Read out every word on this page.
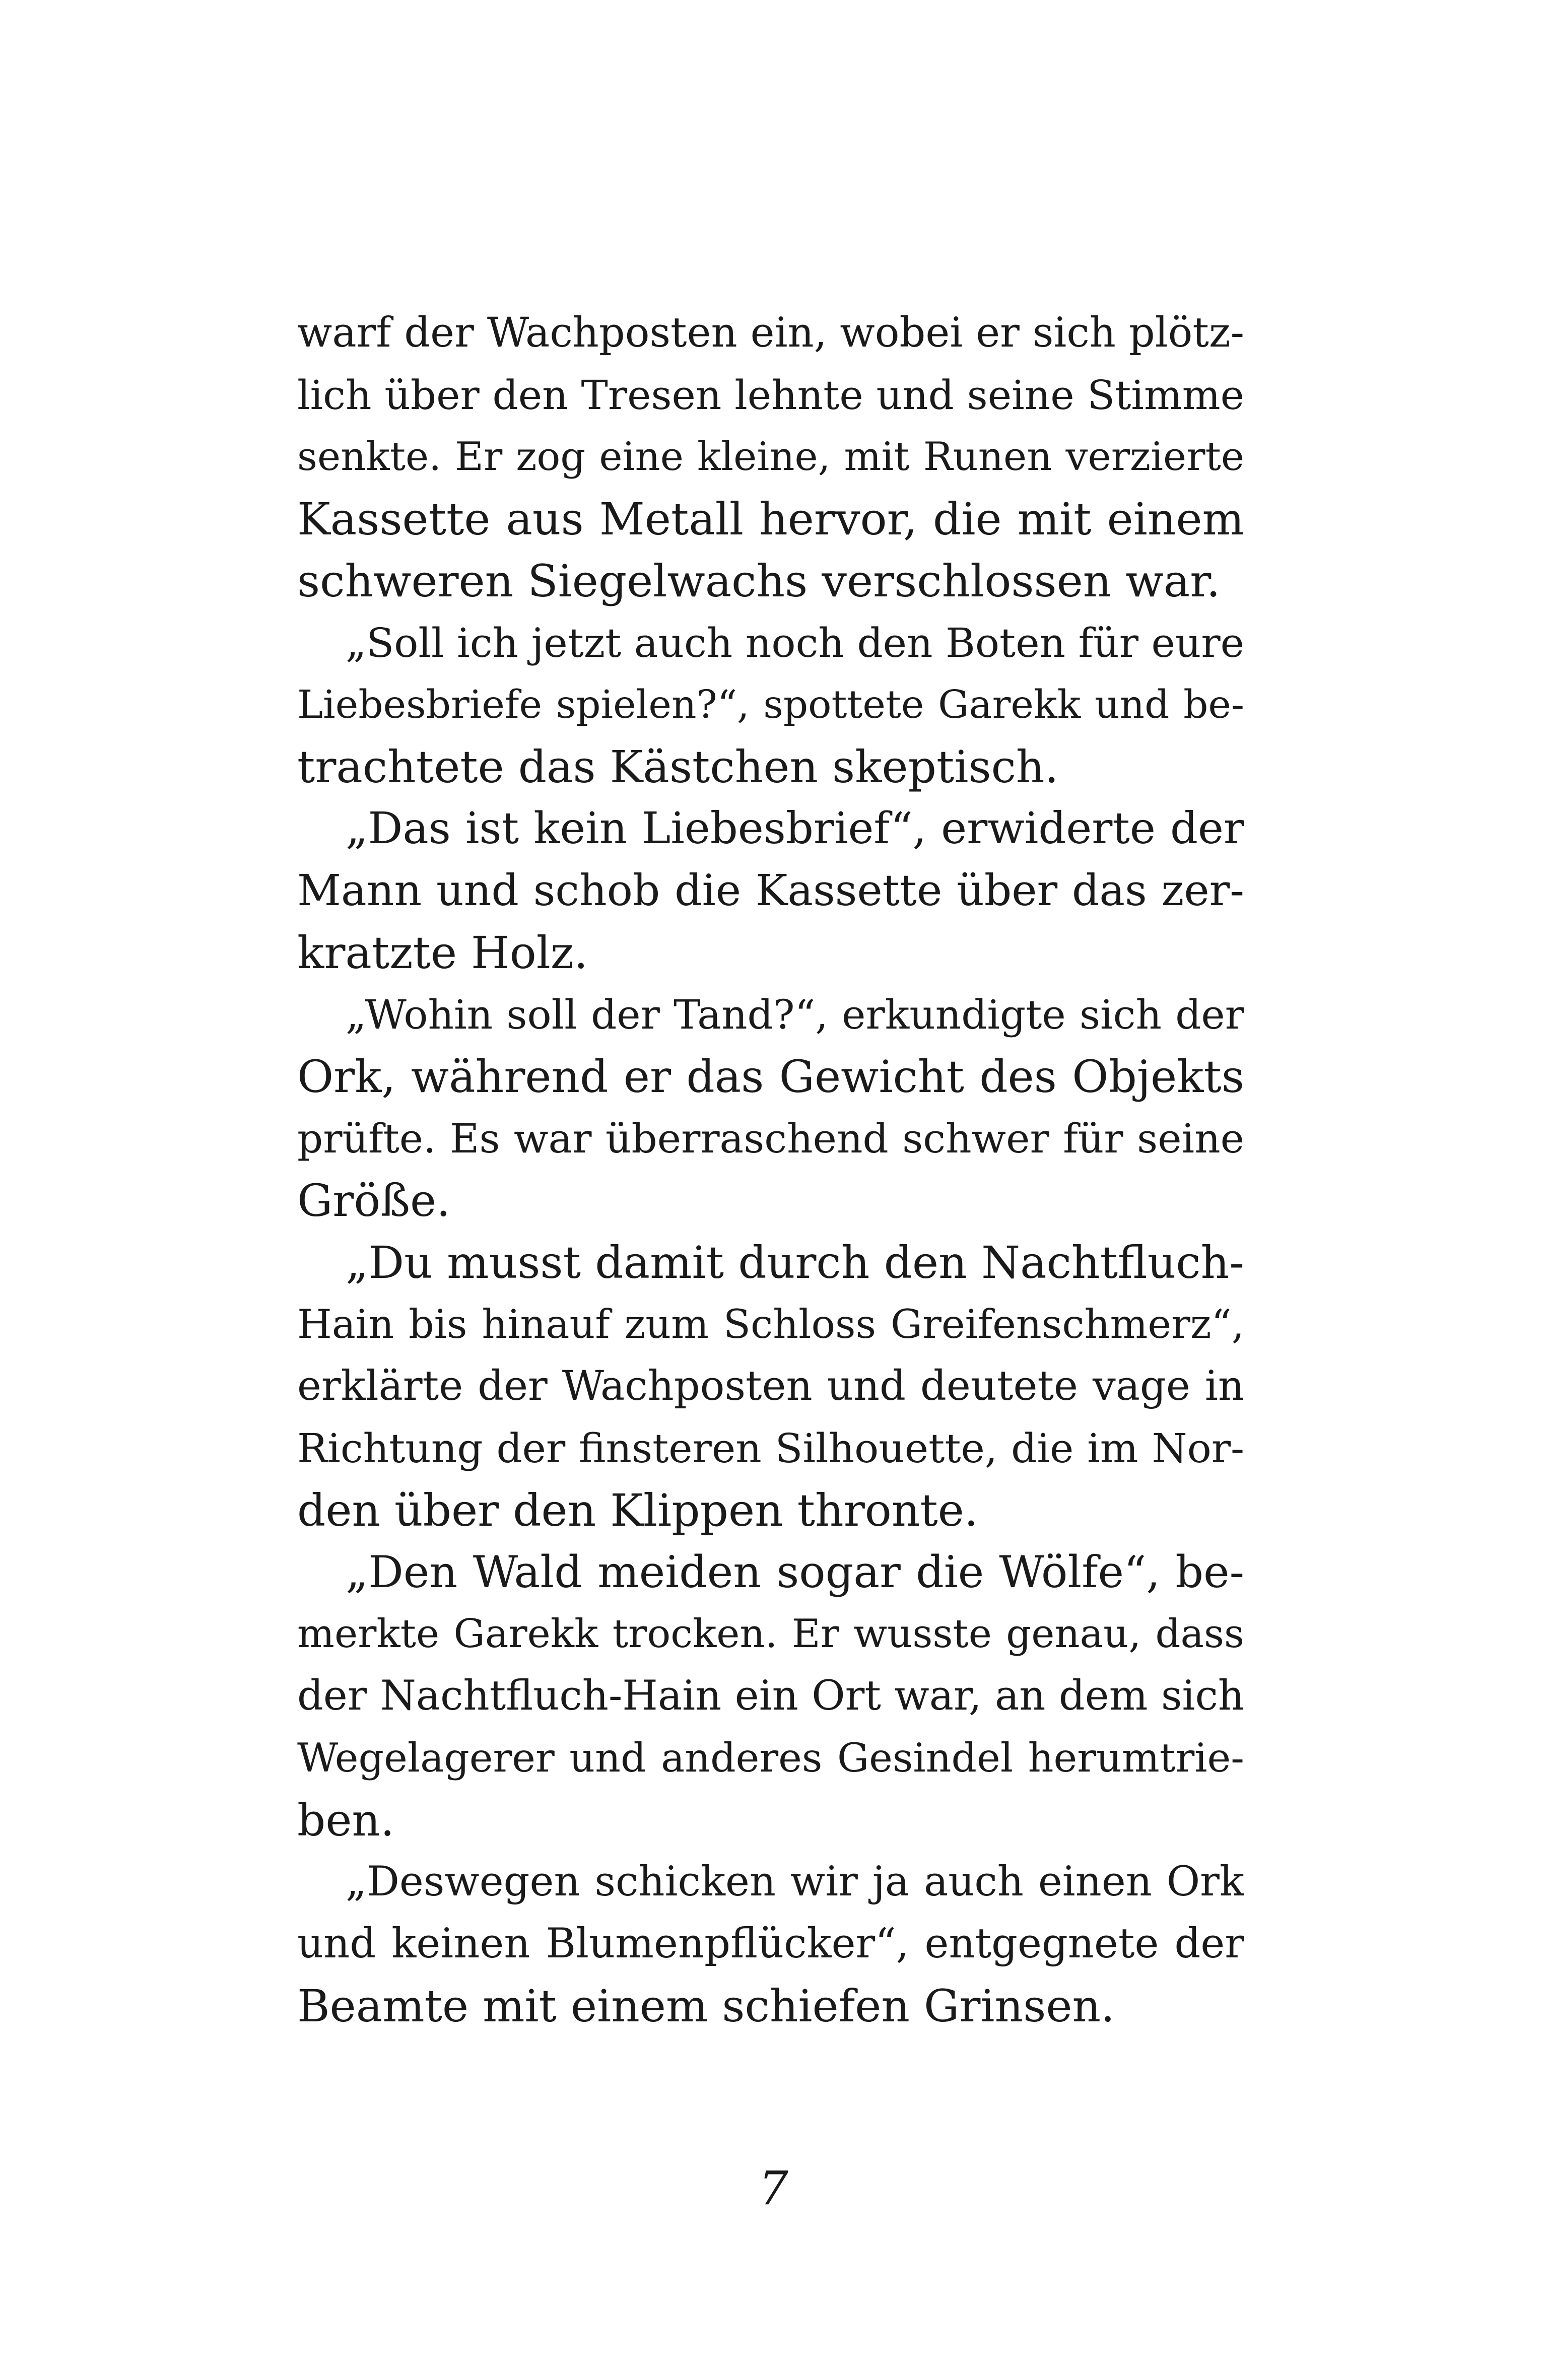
warf der Wachposten ein, wobei er sich plötz-
lich über den Tresen lehnte und seine Stimme
senkte. Er zog eine kleine, mit Runen verzierte
Kassette aus Metall hervor, die mit einem
schweren Siegelwachs verschlossen war.
„Soll ich jetzt auch noch den Boten für eure
Liebesbriefe spielen?“, spottete Garekk und be-
trachtete das Kästchen skeptisch.
„Das ist kein Liebesbrief“, erwiderte der
Mann und schob die Kassette über das zer-
kratzte Holz.
„Wohin soll der Tand?“, erkundigte sich der
Ork, während er das Gewicht des Objekts
prüfte. Es war überraschend schwer für seine
Größe.
„Du musst damit durch den Nachtfluch-
Hain bis hinauf zum Schloss Greifenschmerz“,
erklärte der Wachposten und deutete vage in
Richtung der finsteren Silhouette, die im Nor-
den über den Klippen thronte.
„Den Wald meiden sogar die Wölfe“, be-
merkte Garekk trocken. Er wusste genau, dass
der Nachtfluch-Hain ein Ort war, an dem sich
Wegelagerer und anderes Gesindel herumtrie-
ben.
„Deswegen schicken wir ja auch einen Ork
und keinen Blumenpflücker“, entgegnete der
Beamte mit einem schiefen Grinsen.
7
